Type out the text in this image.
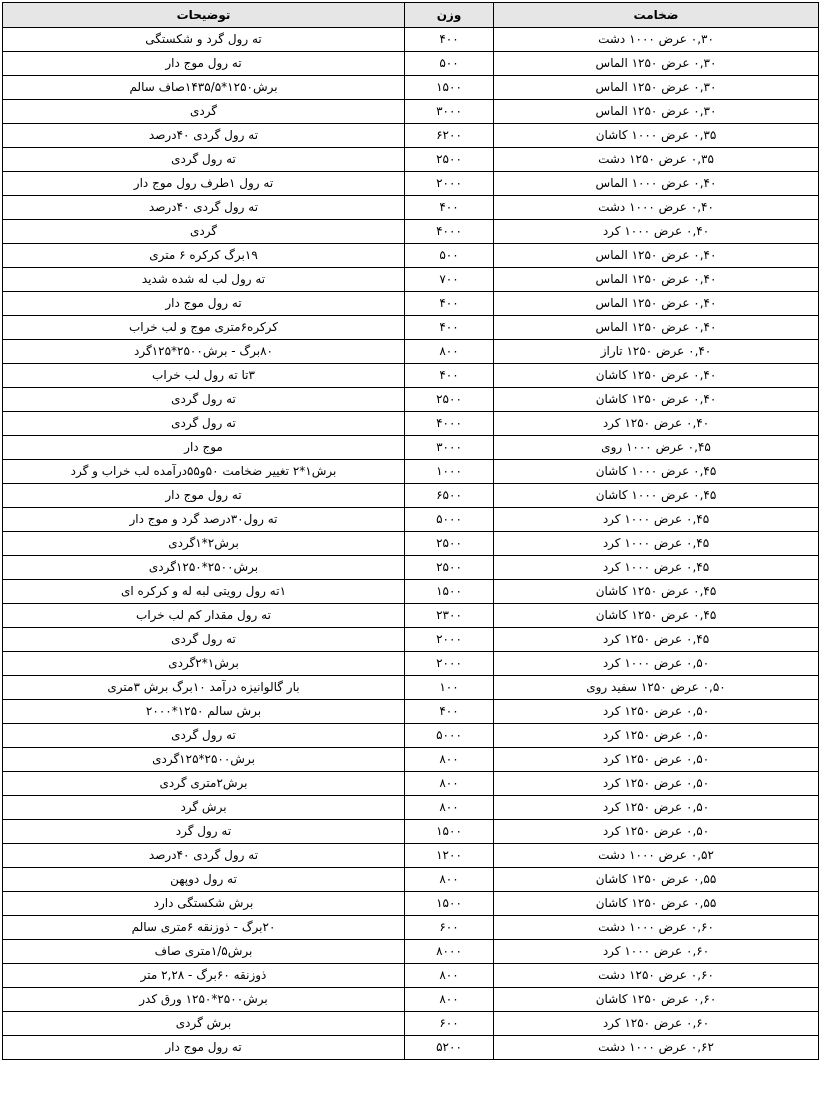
ضخامت	وزن	توضیحات
۰,۳۰ عرض ۱۰۰۰ دشت	۴۰۰	ته رول گرد و شکستگی
۰,۳۰ عرض ۱۲۵۰ الماس	۵۰۰	ته رول موج دار
۰,۳۰ عرض ۱۲۵۰ الماس	۱۵۰۰	برش۱۲۵۰*۱۴۳۵/۵صاف سالم
۰,۳۰ عرض ۱۲۵۰ الماس	۳۰۰۰	گردی
۰,۳۵ عرض ۱۰۰۰ کاشان	۶۲۰۰	ته رول گردی ۴۰درصد
۰,۳۵ عرض ۱۲۵۰ دشت	۲۵۰۰	ته رول گردی
۰,۴۰ عرض ۱۰۰۰ الماس	۲۰۰۰	ته رول ۱طرف رول موج دار
۰,۴۰ عرض ۱۰۰۰ دشت	۴۰۰	ته رول گردی ۴۰درصد
۰,۴۰ عرض ۱۰۰۰ کرد	۴۰۰۰	گردی
۰,۴۰ عرض ۱۲۵۰ الماس	۵۰۰	۱۹برگ کرکره ۶ متری
۰,۴۰ عرض ۱۲۵۰ الماس	۷۰۰	ته رول لب له شده شدید
۰,۴۰ عرض ۱۲۵۰ الماس	۴۰۰	ته رول موج دار
۰,۴۰ عرض ۱۲۵۰ الماس	۴۰۰	کرکره۶متری موج و لب خراب
۰,۴۰ عرض ۱۲۵۰ تاراز	۸۰۰	۸۰برگ - برش۲۵۰۰*۱۲۵گرد
۰,۴۰ عرض ۱۲۵۰ کاشان	۴۰۰	۳تا ته رول لب خراب
۰,۴۰ عرض ۱۲۵۰ کاشان	۲۵۰۰	ته رول گردی
۰,۴۰ عرض ۱۲۵۰ کرد	۴۰۰۰	ته رول گردی
۰,۴۵ عرض ۱۰۰۰ روی	۳۰۰۰	موج دار
۰,۴۵ عرض ۱۰۰۰ کاشان	۱۰۰۰	برش۱*۲ تغییر ضخامت ۵۰و۵۵درآمده لب خراب و گرد
۰,۴۵ عرض ۱۰۰۰ کاشان	۶۵۰۰	ته رول موج دار
۰,۴۵ عرض ۱۰۰۰ کرد	۵۰۰۰	ته رول۳۰درصد گرد و موج دار
۰,۴۵ عرض ۱۰۰۰ کرد	۲۵۰۰	برش۲*۱گردی
۰,۴۵ عرض ۱۰۰۰ کرد	۲۵۰۰	برش۲۵۰۰*۱۲۵۰گردی
۰,۴۵ عرض ۱۲۵۰ کاشان	۱۵۰۰	۱ته رول رویتی لبه له و کرکره ای
۰,۴۵ عرض ۱۲۵۰ کاشان	۲۳۰۰	ته رول مقدار کم لب خراب
۰,۴۵ عرض ۱۲۵۰ کرد	۲۰۰۰	ته رول گردی
۰,۵۰ عرض ۱۰۰۰ کرد	۲۰۰۰	برش۱*۲گردی
۰,۵۰ عرض ۱۲۵۰ سفید روی	۱۰۰	بار گالوانیزه درآمد ۱۰برگ برش ۳متری
۰,۵۰ عرض ۱۲۵۰ کرد	۴۰۰	برش سالم ۱۲۵۰*۲۰۰۰
۰,۵۰ عرض ۱۲۵۰ کرد	۵۰۰۰	ته رول گردی
۰,۵۰ عرض ۱۲۵۰ کرد	۸۰۰	برش۲۵۰۰*۱۲۵گردی
۰,۵۰ عرض ۱۲۵۰ کرد	۸۰۰	برش۲متری گردی
۰,۵۰ عرض ۱۲۵۰ کرد	۸۰۰	برش گرد
۰,۵۰ عرض ۱۲۵۰ کرد	۱۵۰۰	ته رول گرد
۰,۵۲ عرض ۱۰۰۰ دشت	۱۲۰۰	ته رول گردی ۴۰درصد
۰,۵۵ عرض ۱۲۵۰ کاشان	۸۰۰	ته رول دوپهن
۰,۵۵ عرض ۱۲۵۰ کاشان	۱۵۰۰	برش شکستگی دارد
۰,۶۰ عرض ۱۰۰۰ دشت	۶۰۰	۲۰برگ - ذوزنقه ۶متری سالم
۰,۶۰ عرض ۱۰۰۰ کرد	۸۰۰۰	برش۱/۵متری صاف
۰,۶۰ عرض ۱۲۵۰ دشت	۸۰۰	ذوزنقه ۶۰برگ - ۲,۲۸ متر
۰,۶۰ عرض ۱۲۵۰ کاشان	۸۰۰	برش۲۵۰۰*۱۲۵۰ ورق کدر
۰,۶۰ عرض ۱۲۵۰ کرد	۶۰۰	برش گردی
۰,۶۲ عرض ۱۰۰۰ دشت	۵۲۰۰	ته رول موج دار
